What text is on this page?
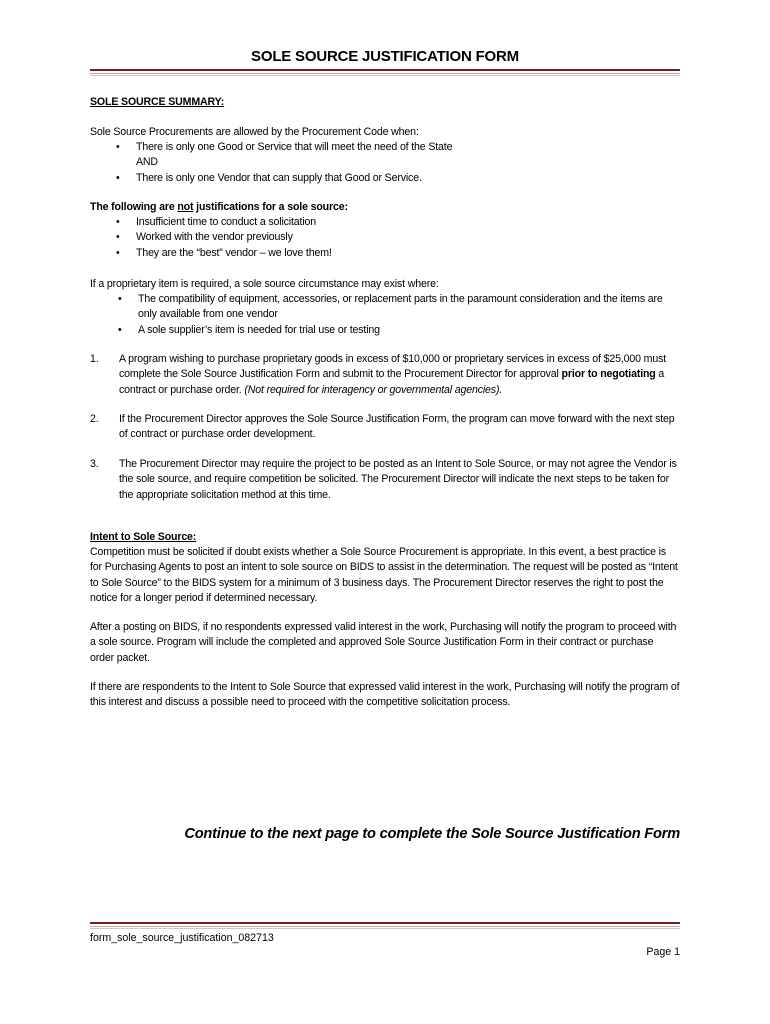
SOLE SOURCE JUSTIFICATION FORM
SOLE SOURCE SUMMARY:
Sole Source Procurements are allowed by the Procurement Code when:
• There is only one Good or Service that will meet the need of the State
AND
• There is only one Vendor that can supply that Good or Service.
The following are not justifications for a sole source:
• Insufficient time to conduct a solicitation
• Worked with the vendor previously
• They are the “best” vendor – we love them!
If a proprietary item is required, a sole source circumstance may exist where:
• The compatibility of equipment, accessories, or replacement parts in the paramount consideration and the items are only available from one vendor
• A sole supplier’s item is needed for trial use or testing
1. A program wishing to purchase proprietary goods in excess of $10,000 or proprietary services in excess of $25,000 must complete the Sole Source Justification Form and submit to the Procurement Director for approval prior to negotiating a contract or purchase order. (Not required for interagency or governmental agencies).
2. If the Procurement Director approves the Sole Source Justification Form, the program can move forward with the next step of contract or purchase order development.
3. The Procurement Director may require the project to be posted as an Intent to Sole Source, or may not agree the Vendor is the sole source, and require competition be solicited. The Procurement Director will indicate the next steps to be taken for the appropriate solicitation method at this time.
Intent to Sole Source:
Competition must be solicited if doubt exists whether a Sole Source Procurement is appropriate. In this event, a best practice is for Purchasing Agents to post an intent to sole source on BIDS to assist in the determination. The request will be posted as “Intent to Sole Source” to the BIDS system for a minimum of 3 business days. The Procurement Director reserves the right to post the notice for a longer period if determined necessary.
After a posting on BIDS, if no respondents expressed valid interest in the work, Purchasing will notify the program to proceed with a sole source. Program will include the completed and approved Sole Source Justification Form in their contract or purchase order packet.
If there are respondents to the Intent to Sole Source that expressed valid interest in the work, Purchasing will notify the program of this interest and discuss a possible need to proceed with the competitive solicitation process.
Continue to the next page to complete the Sole Source Justification Form
form_sole_source_justification_082713
Page 1
